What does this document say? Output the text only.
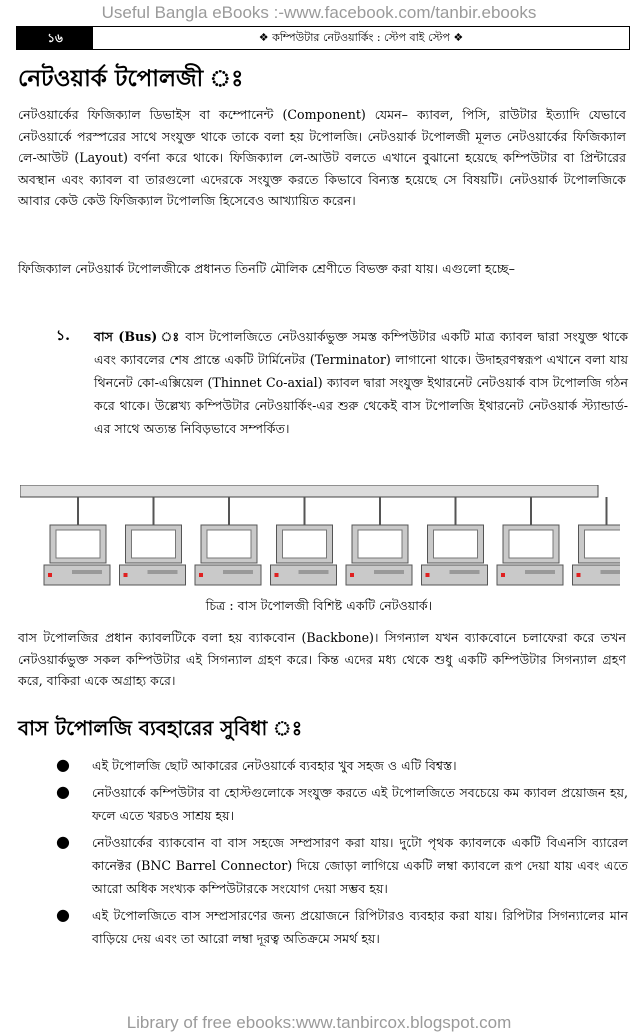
Useful Bangla eBooks :-www.facebook.com/tanbir.ebooks
১৬	❖ কম্পিউটার নেটওয়ার্কিং : স্টেপ বাই স্টেপ ❖
নেটওয়ার্ক টপোলজী ঃ
নেটওয়ার্কের ফিজিক্যাল ডিভাইস বা কম্পোনেন্ট (Component) যেমন– ক্যাবল, পিসি, রাউটার ইত্যাদি যেভাবে নেটওয়ার্কে পরস্পরের সাথে সংযুক্ত থাকে তাকে বলা হয় টপোলজি। নেটওয়ার্ক টপোলজী মূলত নেটওয়ার্কের ফিজিক্যাল লে-আউট (Layout) বর্ণনা করে থাকে। ফিজিক্যাল লে-আউট বলতে এখানে বুঝানো হয়েছে কম্পিউটার বা প্রিন্টারের অবস্থান এবং ক্যাবল বা তারগুলো এদেরকে সংযুক্ত করতে কিভাবে বিন্যস্ত হয়েছে সে বিষয়টি। নেটওয়ার্ক টপোলজিকে আবার কেউ কেউ ফিজিক্যাল টপোলজি হিসেবেও আখ্যায়িত করেন।
ফিজিক্যাল নেটওয়ার্ক টপোলজীকে প্রধানত তিনটি মৌলিক শ্রেণীতে বিভক্ত করা যায়। এগুলো হচ্ছে–
১.	বাস (Bus) ঃ বাস টপোলজিতে নেটওয়ার্কভুক্ত সমস্ত কম্পিউটার একটি মাত্র ক্যাবল দ্বারা সংযুক্ত থাকে এবং ক্যাবলের শেষ প্রান্তে একটি টার্মিনেটর (Terminator) লাগানো থাকে। উদাহরণস্বরূপ এখানে বলা যায় থিননেট কো-এক্সিয়েল (Thinnet Co-axial) ক্যাবল দ্বারা সংযুক্ত ইথারনেট নেটওয়ার্ক বাস টপোলজি গঠন করে থাকে। উল্লেখ্য কম্পিউটার নেটওয়ার্কিং-এর শুরু থেকেই বাস টপোলজি ইথারনেট নেটওয়ার্ক স্ট্যান্ডার্ড-এর সাথে অত্যন্ত নিবিড়ভাবে সম্পর্কিত।
চিত্র : বাস টপোলজী বিশিষ্ট একটি নেটওয়ার্ক।
বাস টপোলজির প্রধান ক্যাবলটিকে বলা হয় ব্যাকবোন (Backbone)। সিগন্যাল যখন ব্যাকবোনে চলাফেরা করে তখন নেটওয়ার্কভুক্ত সকল কম্পিউটার এই সিগন্যাল গ্রহণ করে। কিন্ত এদের মধ্য থেকে শুধু একটি কম্পিউটার সিগন্যাল গ্রহণ করে, বাকিরা একে অগ্রাহ্য করে।
বাস টপোলজি ব্যবহারের সুবিধা ঃ
●	এই টপোলজি ছোট আকারের নেটওয়ার্কে ব্যবহার খুব সহজ ও এটি বিশ্বস্ত।
●	নেটওয়ার্কে কম্পিউটার বা হোস্টগুলোকে সংযুক্ত করতে এই টপোলজিতে সবচেয়ে কম ক্যাবল প্রয়োজন হয়, ফলে এতে খরচও সাশ্রয় হয়।
●	নেটওয়ার্কের ব্যাকবোন বা বাস সহজে সম্প্রসারণ করা যায়। দুটো পৃথক ক্যাবলকে একটি বিএনসি ব্যারেল কানেক্টর (BNC Barrel Connector) দিয়ে জোড়া লাগিয়ে একটি লম্বা ক্যাবলে রূপ দেয়া যায় এবং এতে আরো অধিক সংখ্যক কম্পিউটারকে সংযোগ দেয়া সম্ভব হয়।
●	এই টপোলজিতে বাস সম্প্রসারণের জন্য প্রয়োজনে রিপিটারও ব্যবহার করা যায়। রিপিটার সিগন্যালের মান বাড়িয়ে দেয় এবং তা আরো লম্বা দূরত্ব অতিক্রমে সমর্থ হয়।
Library of free ebooks:www.tanbircox.blogspot.com
